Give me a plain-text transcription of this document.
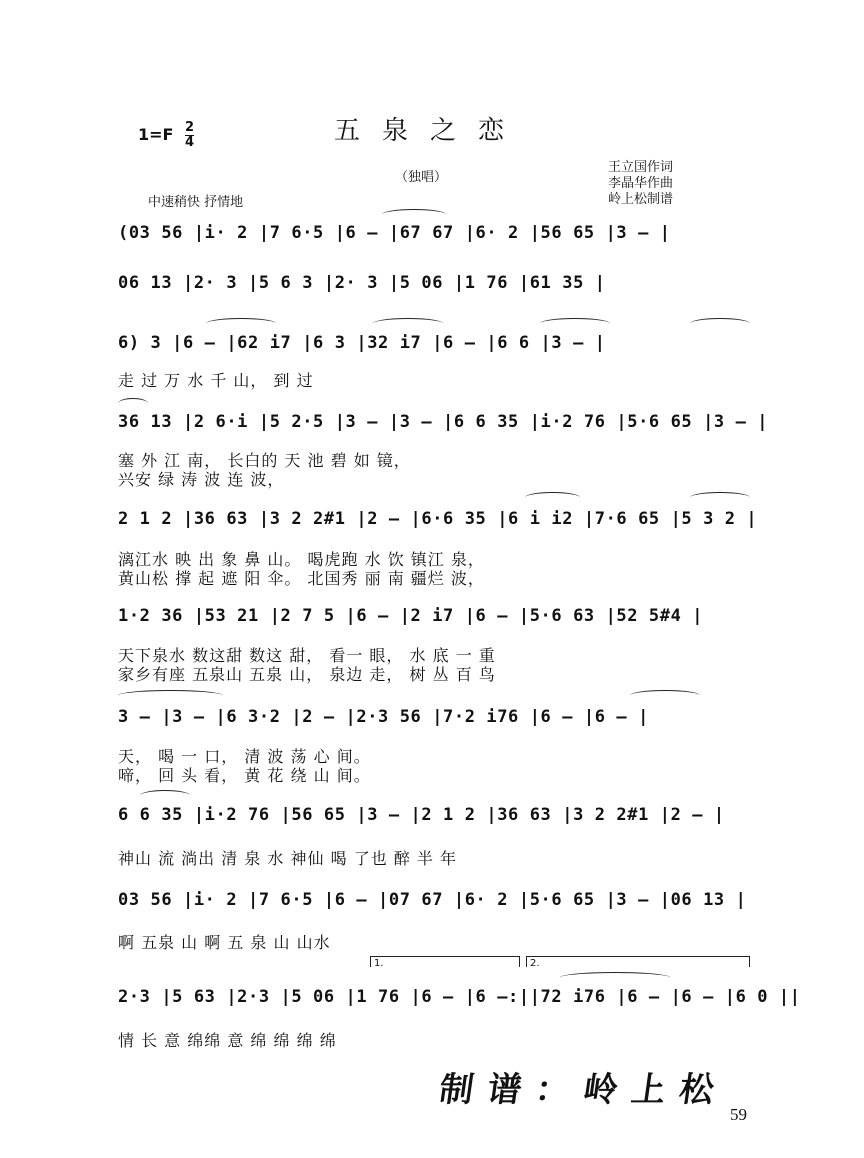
$1=F \frac{2}{4}$	五泉之恋
（独唱）
中速稍快 抒情地
王立国作词
李晶华作曲
岭上松制谱
(03 56 |i· 2 |7 6·5 |6 – |67 67 |6· 2 |56 65 |3 – |
06 13 |2· 3 |5 6 3 |2· 3 |5 06 |1 76 |61 35 |
6) 3 |6 – |62 i7 |6 3 |32 i7 |6 – |6 6 |3 – |
走 过 万 水 千 山， 到 过
36 13 |2 6·i |5 2·5 |3 – |3 – |6 6 35 |i·2 76 |5·6 65 |3 – |
塞 外 江 南， 长白的 天 池 碧 如 镜，
兴安 绿 涛 波 连 波，
2 1 2 |36 63 |3 2 2#1 |2 – |6·6 35 |6 i i2 |7·6 65 |5 3 2 |
漓江水 映 出 象 鼻 山。 喝虎跑 水 饮 镇江 泉，
黄山松 撑 起 遮 阳 伞。 北国秀 丽 南 疆烂 波，
1·2 36 |53 21 |2 7 5 |6 – |2 i7 |6 – |5·6 63 |52 5#4 |
天下泉水 数这甜 数这 甜， 看一 眼， 水 底 一 重
家乡有座 五泉山 五泉 山， 泉边 走， 树 丛 百 鸟
3 – |3 – |6 3·2 |2 – |2·3 56 |7·2 i76 |6 – |6 – |
天， 喝 一 口， 清 波 荡 心 间。
啼， 回 头 看， 黄 花 绕 山 间。
6 6 35 |i·2 76 |56 65 |3 – |2 1 2 |36 63 |3 2 2#1 |2 – |
神山 流 淌出 清 泉 水 神仙 喝 了也 醉 半 年
03 56 |i· 2 |7 6·5 |6 – |07 67 |6· 2 |5·6 65 |3 – |06 13 |
啊 五泉 山 啊 五 泉 山 山水
1.	2.
2·3 |5 63 |2·3 |5 06 |1 76 |6 – |6 –:||72 i76 |6 – |6 – |6 0 ||
情 长 意 绵绵 意 绵 绵 绵 绵
制谱：岭上松
59
